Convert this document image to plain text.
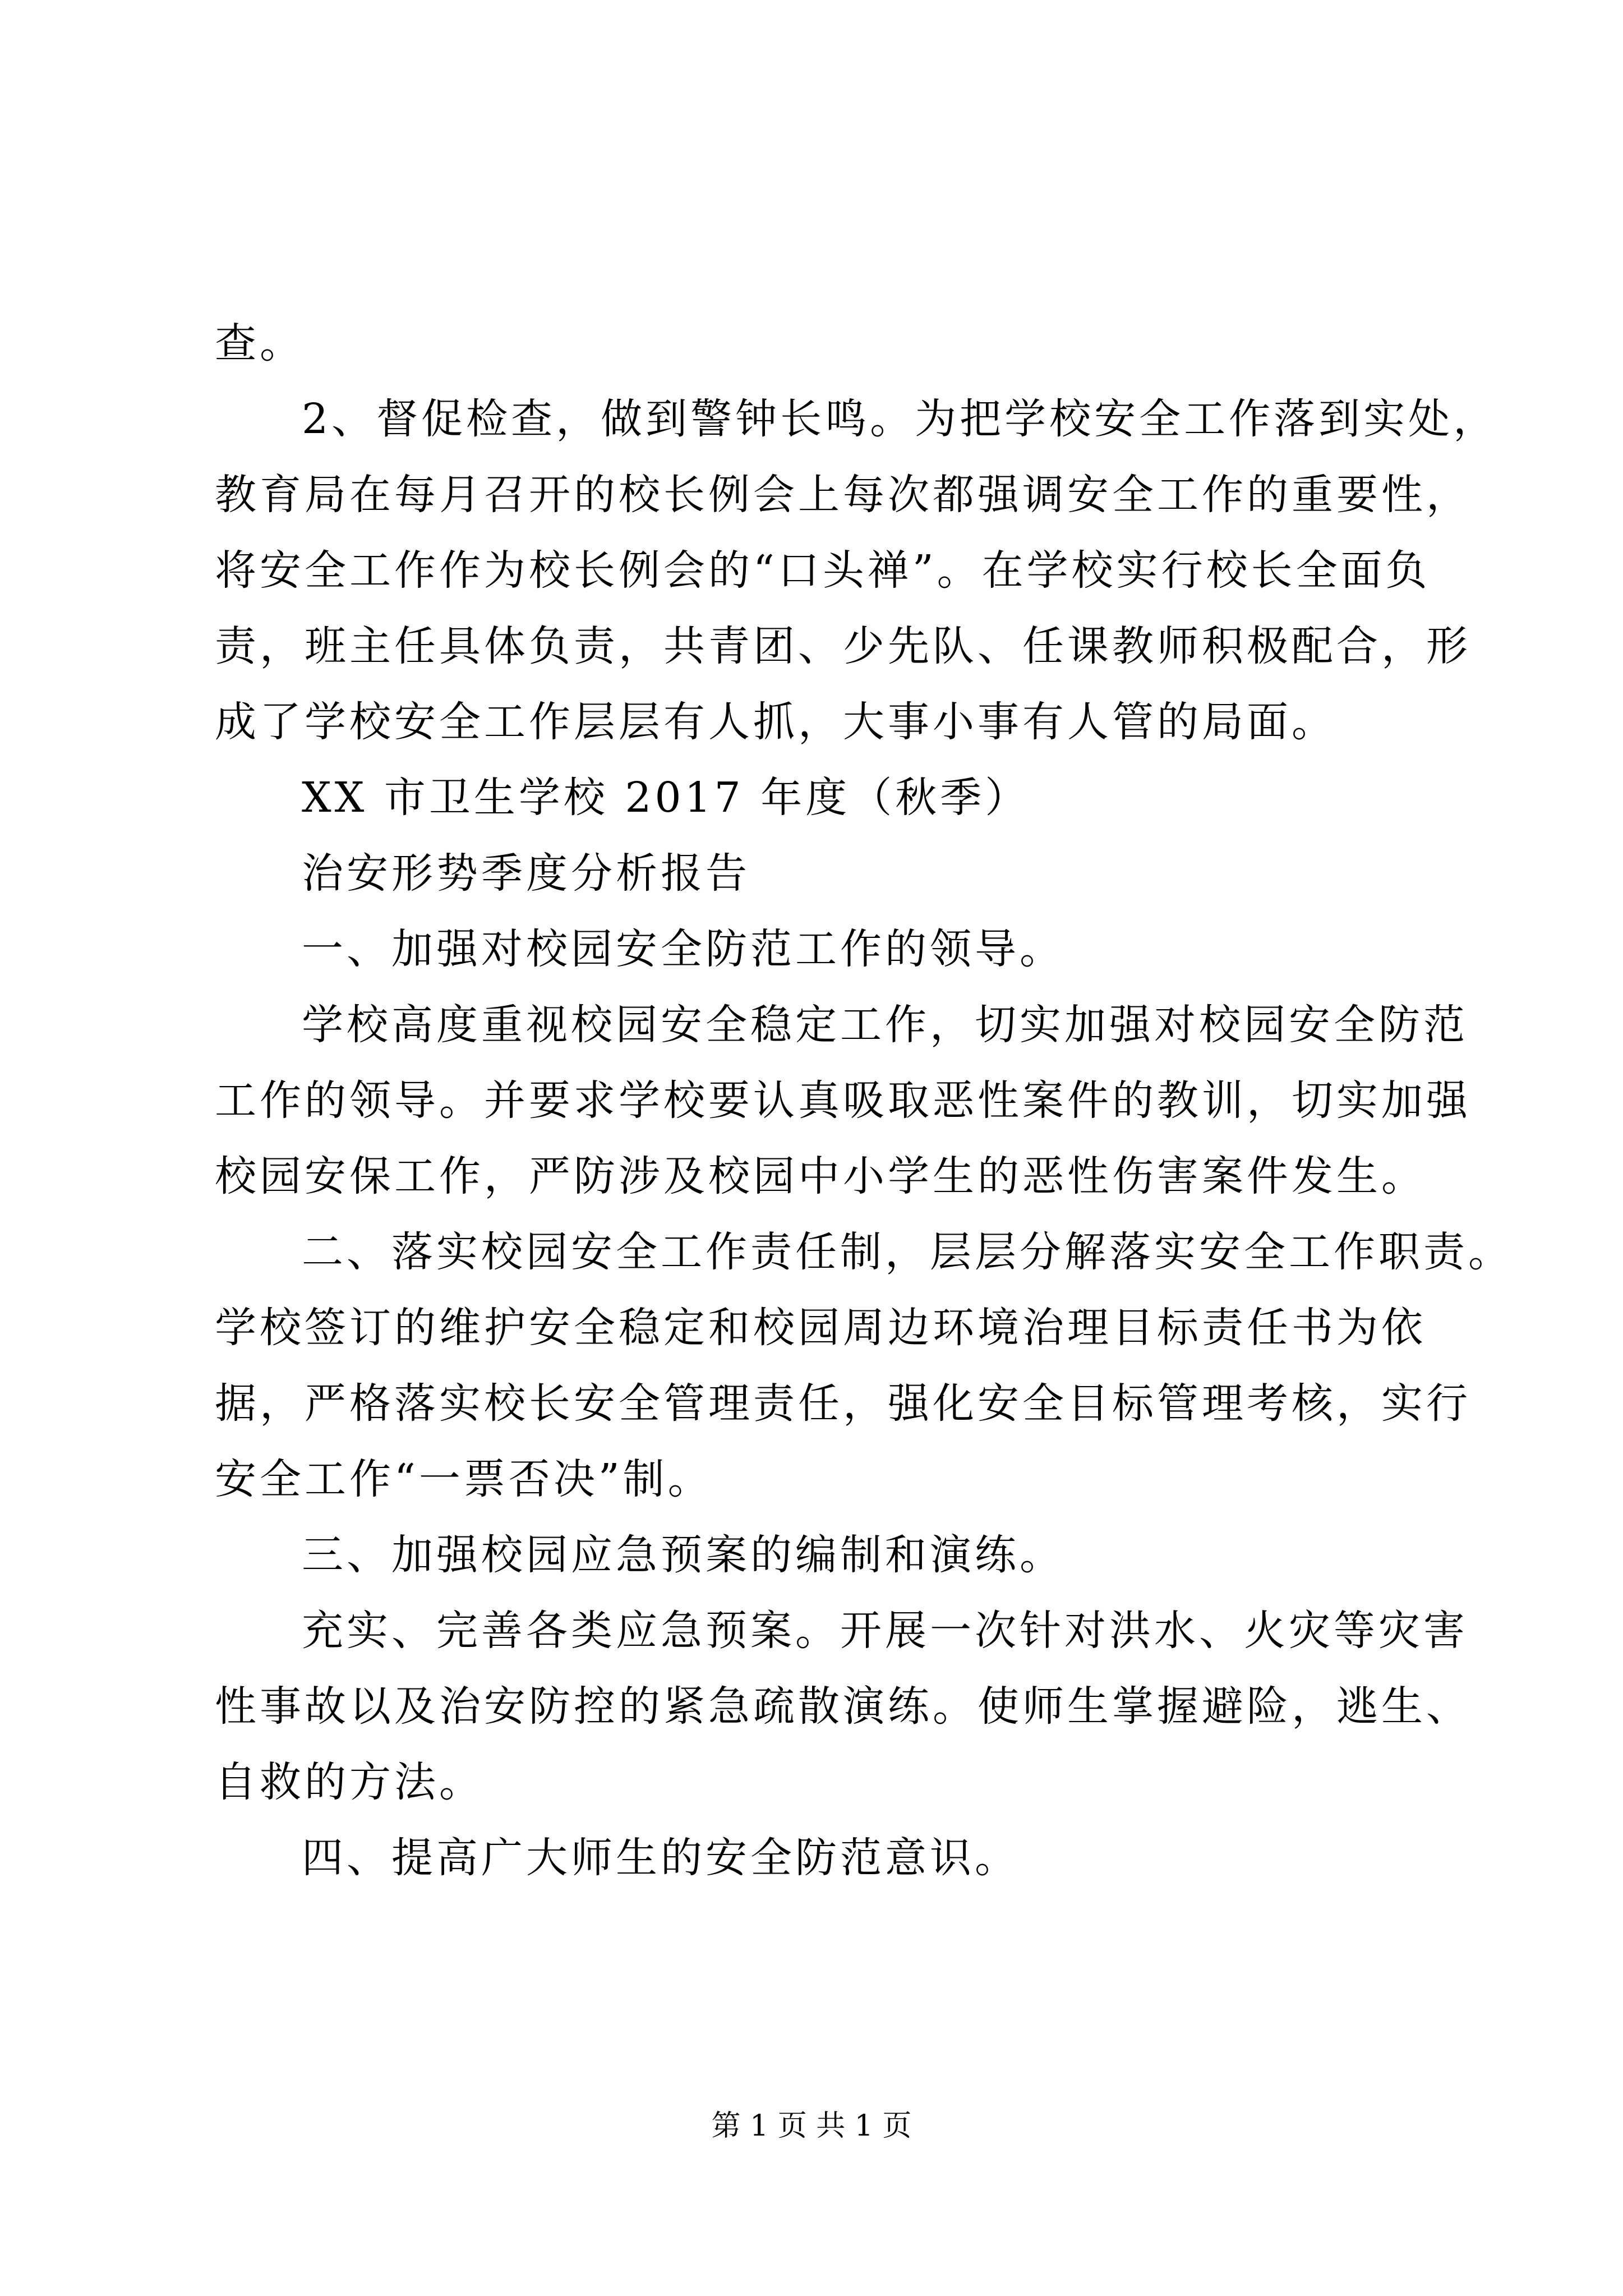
查。
2、督促检查，做到警钟长鸣。为把学校安全工作落到实处，
教育局在每月召开的校长例会上每次都强调安全工作的重要性，
将安全工作作为校长例会的“口头禅”。在学校实行校长全面负
责，班主任具体负责，共青团、少先队、任课教师积极配合，形
成了学校安全工作层层有人抓，大事小事有人管的局面。
XX 市卫生学校 2017 年度（秋季）
治安形势季度分析报告
一、加强对校园安全防范工作的领导。
学校高度重视校园安全稳定工作，切实加强对校园安全防范
工作的领导。并要求学校要认真吸取恶性案件的教训，切实加强
校园安保工作，严防涉及校园中小学生的恶性伤害案件发生。
二、落实校园安全工作责任制，层层分解落实安全工作职责。
学校签订的维护安全稳定和校园周边环境治理目标责任书为依
据，严格落实校长安全管理责任，强化安全目标管理考核，实行
安全工作“一票否决”制。
三、加强校园应急预案的编制和演练。
充实、完善各类应急预案。开展一次针对洪水、火灾等灾害
性事故以及治安防控的紧急疏散演练。使师生掌握避险，逃生、
自救的方法。
四、提高广大师生的安全防范意识。
第 1 页 共 1 页
